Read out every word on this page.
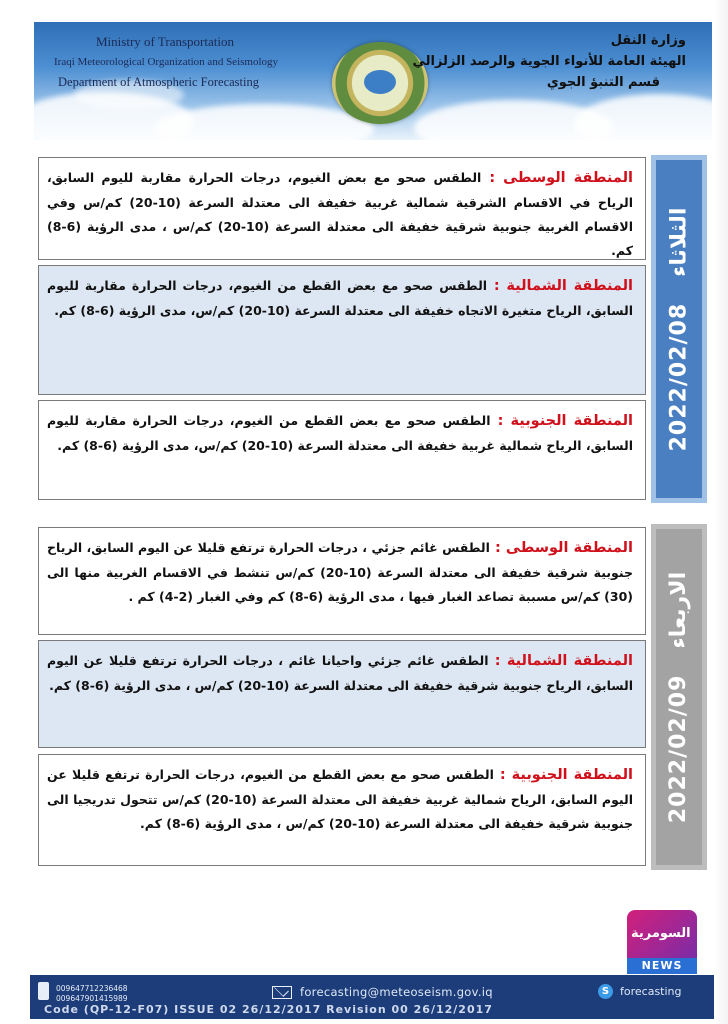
Ministry of Transportation
Iraqi Meteorological Organization and Seismology
Department of Atmospheric Forecasting
وزارة النقل
الهيئة العامة للأنواء الجوية والرصد الزلزالي
قسم التنبؤ الجوي
الثلاثاء
2022/02/08

المنطقة الوسطى : الطقس صحو مع بعض الغيوم، درجات الحرارة مقاربة لليوم السابق، الرياح في الاقسام الشرقية شمالية غربية خفيفة الى معتدلة السرعة (10-20) كم/س وفي الاقسام الغربية جنوبية شرقية خفيفة الى معتدلة السرعة (10-20) كم/س ، مدى الرؤية (6-8) كم.

المنطقة الشمالية : الطقس صحو مع بعض القطع من الغيوم، درجات الحرارة مقاربة لليوم السابق، الرياح متغيرة الاتجاه خفيفة الى معتدلة السرعة (10-20) كم/س، مدى الرؤية (6-8) كم.

المنطقة الجنوبية : الطقس صحو مع بعض القطع من الغيوم، درجات الحرارة مقاربة لليوم السابق، الرياح شمالية غربية خفيفة الى معتدلة السرعة (10-20) كم/س، مدى الرؤية (6-8) كم.

الاربعاء
2022/02/09

المنطقة الوسطى : الطقس غائم جزئي ، درجات الحرارة ترتفع قليلا عن اليوم السابق، الرياح جنوبية شرقية خفيفة الى معتدلة السرعة (10-20) كم/س تنشط في الاقسام الغربية منها الى (30) كم/س مسببة تصاعد الغبار فيها ، مدى الرؤية (6-8) كم وفي الغبار (2-4) كم .

المنطقة الشمالية : الطقس غائم جزئي واحيانا غائم ، درجات الحرارة ترتفع قليلا عن اليوم السابق، الرياح جنوبية شرقية خفيفة الى معتدلة السرعة (10-20) كم/س ، مدى الرؤية (6-8) كم.

المنطقة الجنوبية : الطقس صحو مع بعض القطع من الغيوم، درجات الحرارة ترتفع قليلا عن اليوم السابق، الرياح شمالية غربية خفيفة الى معتدلة السرعة (10-20) كم/س تتحول تدريجيا الى جنوبية شرقية خفيفة الى معتدلة السرعة (10-20) كم/س ، مدى الرؤية (6-8) كم.

السومرية
NEWS
009647712236468
009647901415989	forecasting@meteoseism.gov.iq	S forecasting
Code (QP-12-F07) ISSUE 02 26/12/2017 Revision 00 26/12/2017
